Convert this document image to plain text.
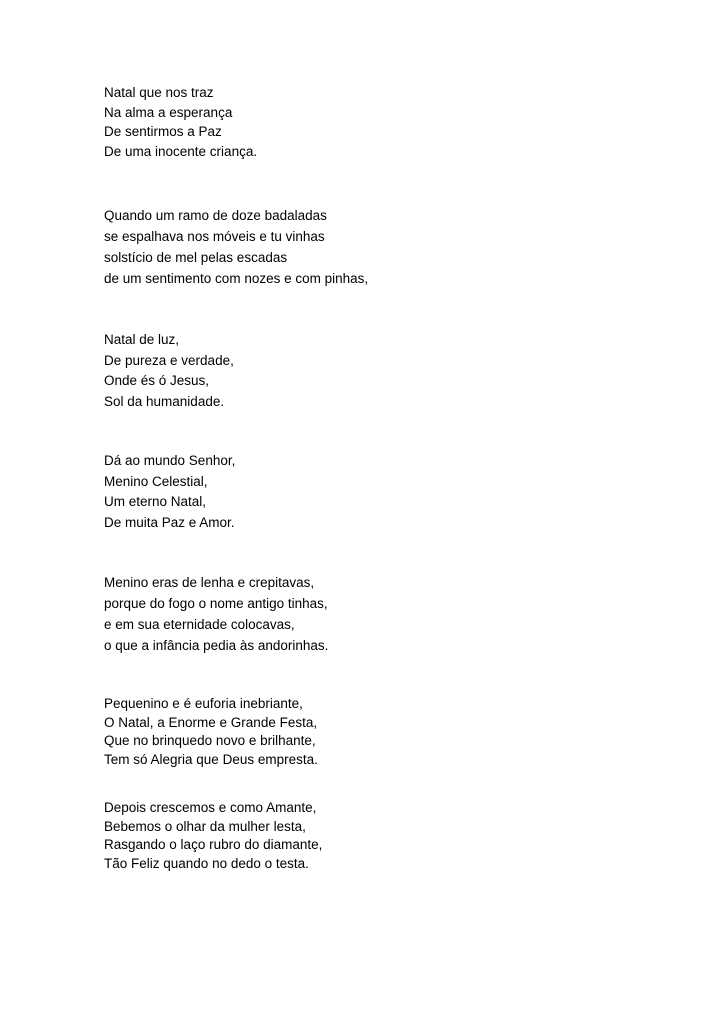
Natal que nos traz
Na alma a esperança
De sentirmos a Paz
De uma inocente criança.
Quando um ramo de doze badaladas
se espalhava nos móveis e tu vinhas
solstício de mel pelas escadas
de um sentimento com nozes e com pinhas,
Natal de luz,
De pureza e verdade,
Onde és ó Jesus,
Sol da humanidade.
Dá ao mundo Senhor,
Menino Celestial,
Um eterno Natal,
De muita Paz e Amor.
Menino eras de lenha e crepitavas,
porque do fogo o nome antigo tinhas,
e em sua eternidade colocavas,
o que a infância pedia às andorinhas.
Pequenino e é euforia inebriante,
O Natal, a Enorme e Grande Festa,
Que no brinquedo novo e brilhante,
Tem só Alegria que Deus empresta.
Depois crescemos e como Amante,
Bebemos o olhar da mulher lesta,
Rasgando o laço rubro do diamante,
Tão Feliz quando no dedo o testa.
